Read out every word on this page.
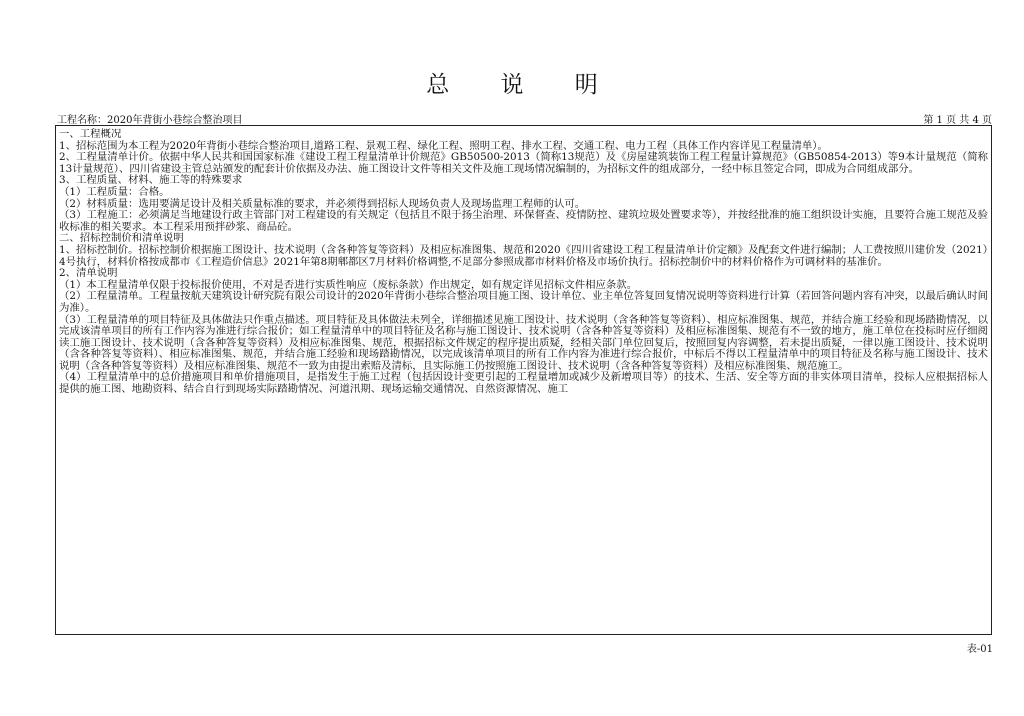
总 说 明
工程名称：2020年背街小巷综合整治项目	第 1 页 共 4 页

一、工程概况

1、招标范围为本工程为2020年背街小巷综合整治项目,道路工程、景观工程、绿化工程、照明工程、排水工程、交通工程、电力工程（具体工作内容详见工程量清单）。

2、工程量清单计价。依据中华人民共和国国家标准《建设工程工程量清单计价规范》GB50500-2013（简称13规范）及《房屋建筑装饰工程工程量计算规范》（GB50854-2013）等9本计量规范（简称13计量规范）、四川省建设主管总站颁发的配套计价依据及办法、施工图设计文件等相关文件及施工现场情况编制的，为招标文件的组成部分，一经中标且签定合同，即成为合同组成部分。

3、工程质量、材料、施工等的特殊要求

（1）工程质量：合格。

（2）材料质量：选用要满足设计及相关质量标准的要求，并必须得到招标人现场负责人及现场监理工程师的认可。

（3）工程施工：必须满足当地建设行政主管部门对工程建设的有关规定（包括且不限于扬尘治理、环保督查、疫情防控、建筑垃圾处置要求等），并按经批准的施工组织设计实施，且要符合施工规范及验收标准的相关要求。本工程采用预拌砂浆、商品砼。

二、招标控制价和清单说明

1、招标控制价。招标控制价根据施工图设计、技术说明（含各种答复等资料）及相应标准图集、规范和2020《四川省建设工程工程量清单计价定额》及配套文件进行编制；人工费按照川建价发（2021）4号执行，材料价格按成都市《工程造价信息》2021年第8期郫都区7月材料价格调整,不足部分参照成都市材料价格及市场价执行。招标控制价中的材料价格作为可调材料的基准价。

2、清单说明

（1）本工程量清单仅限于投标报价使用，不对是否进行实质性响应（废标条款）作出规定，如有规定详见招标文件相应条款。

（2）工程量清单。工程量按航天建筑设计研究院有限公司设计的2020年背街小巷综合整治项目施工图、设计单位、业主单位答复回复情况说明等资料进行计算（若回答问题内容有冲突，以最后确认时间为准）。

（3）工程量清单的项目特征及具体做法只作重点描述。项目特征及具体做法未列全，详细描述见施工图设计、技术说明（含各种答复等资料）、相应标准图集、规范，并结合施工经验和现场踏勘情况，以完成该清单项目的所有工作内容为准进行综合报价；如工程量清单中的项目特征及名称与施工图设计、技术说明（含各种答复等资料）及相应标准图集、规范有不一致的地方，施工单位在投标时应仔细阅读工施工图设计、技术说明（含各种答复等资料）及相应标准图集、规范，根据招标文件规定的程序提出质疑，经相关部门单位回复后，按照回复内容调整，若未提出质疑，一律以施工图设计、技术说明（含各种答复等资料）、相应标准图集、规范，并结合施工经验和现场踏勘情况，以完成该清单项目的所有工作内容为准进行综合报价，中标后不得以工程量清单中的项目特征及名称与施工图设计、技术说明（含各种答复等资料）及相应标准图集、规范不一致为由提出索赔及清标，且实际施工仍按照施工图设计、技术说明（含各种答复等资料）及相应标准图集、规范施工。

（4）工程量清单中的总价措施项目和单价措施项目，是指发生于施工过程（包括因设计变更引起的工程量增加或减少及新增项目等）的技术、生活、安全等方面的非实体项目清单，投标人应根据招标人提供的施工图、地勘资料、结合自行到现场实际踏勘情况、河道汛期、现场运输交通情况、自然资源情况、施工

表-01
